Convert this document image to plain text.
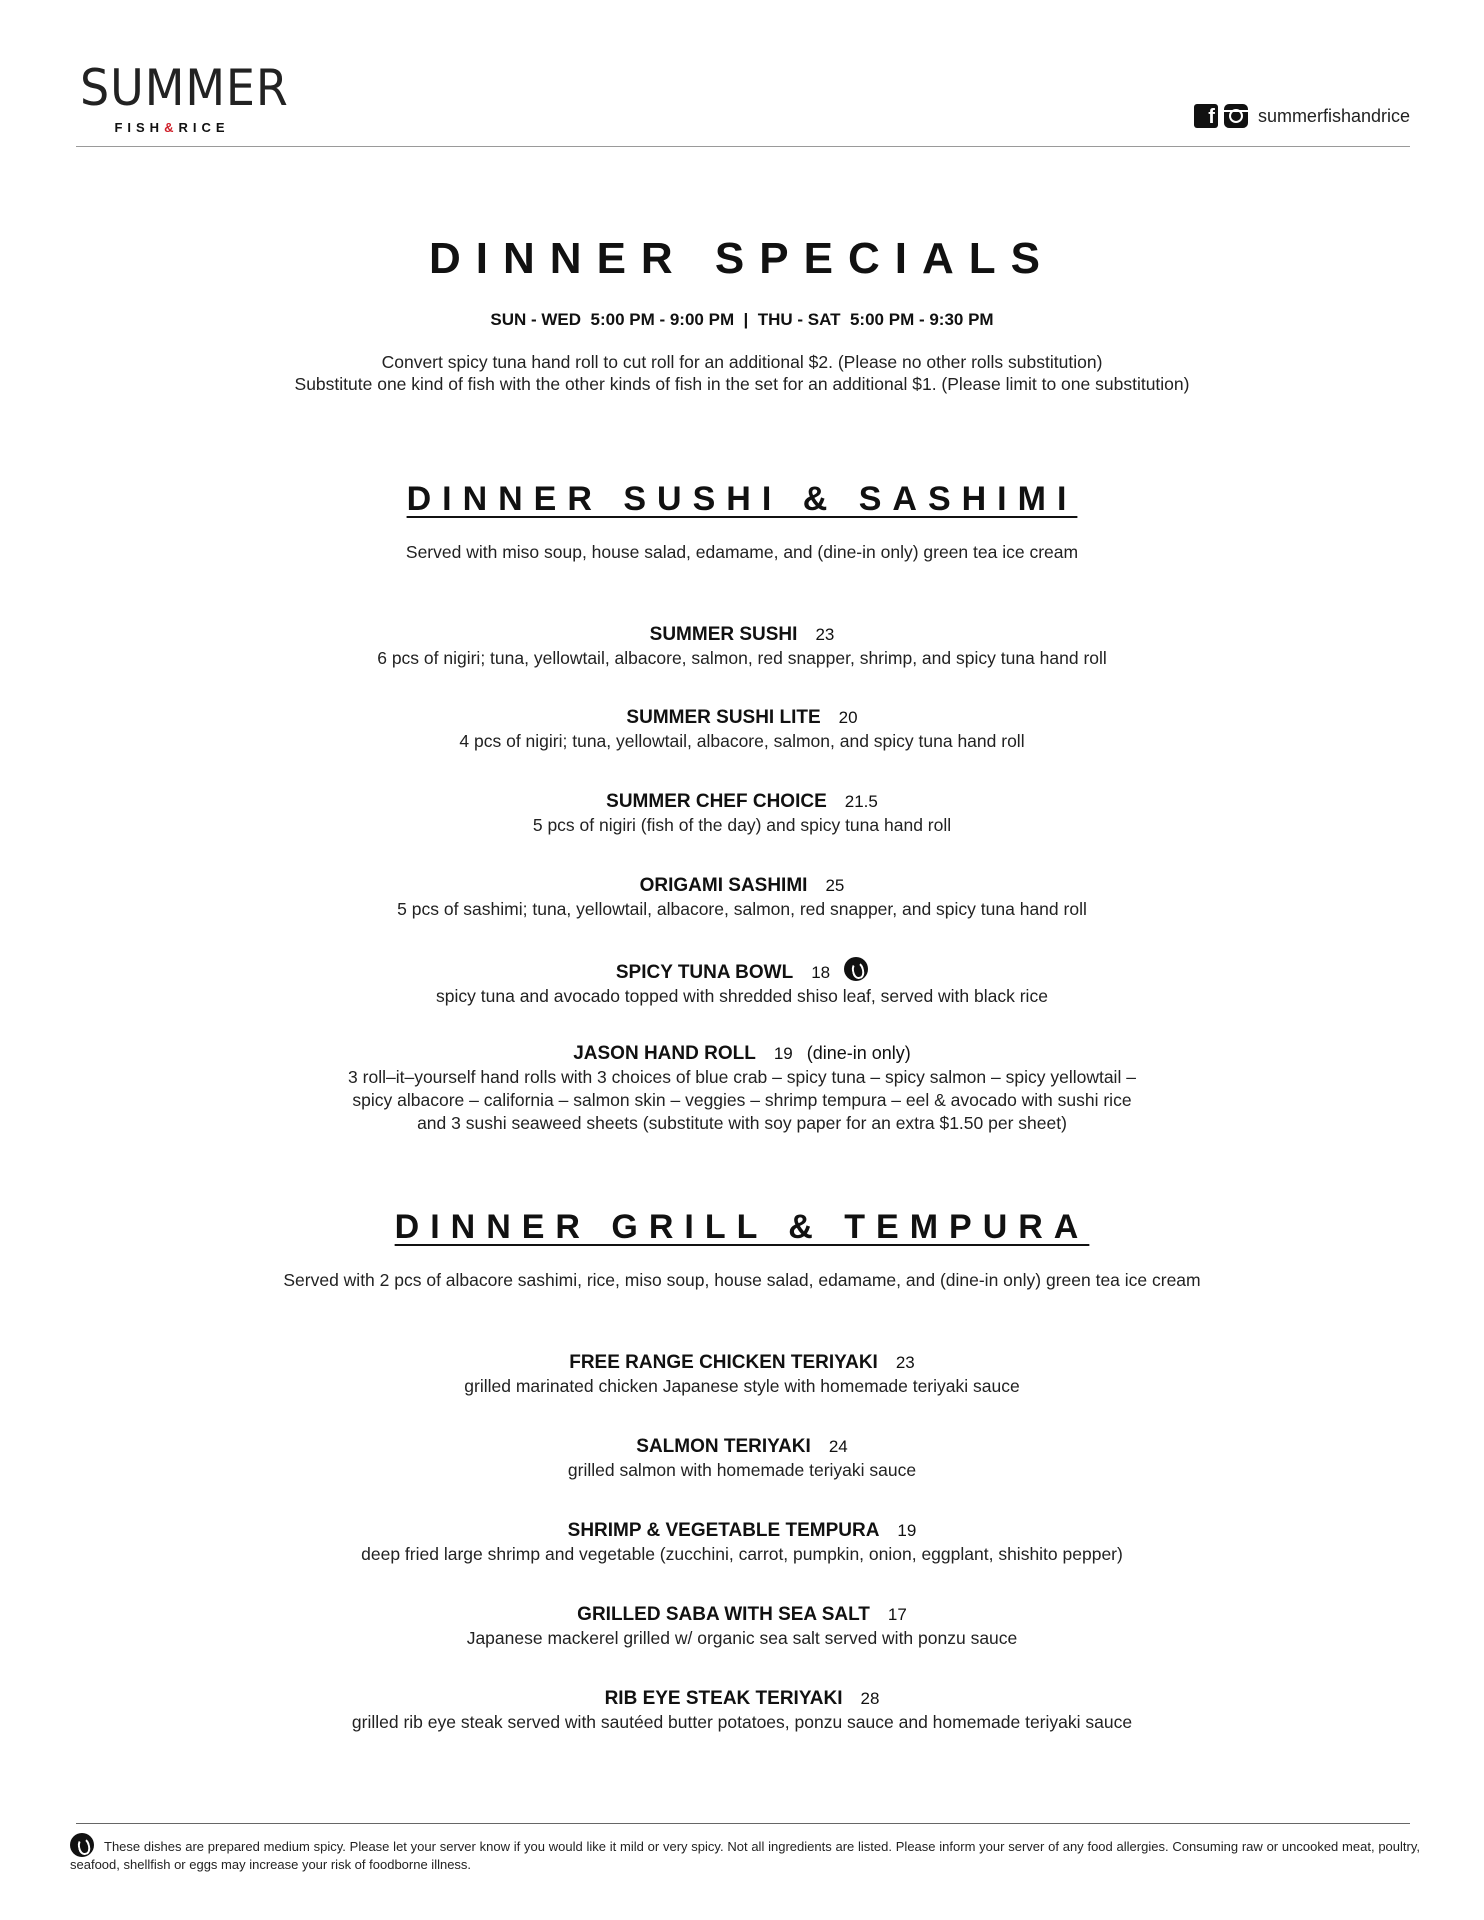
SUMMER
FISH&RICE	f summerfishandrice
DINNER SPECIALS
SUN - WED  5:00 PM - 9:00 PM  |  THU - SAT  5:00 PM - 9:30 PM
Convert spicy tuna hand roll to cut roll for an additional $2. (Please no other rolls substitution)
Substitute one kind of fish with the other kinds of fish in the set for an additional $1. (Please limit to one substitution)
DINNER SUSHI & SASHIMI
Served with miso soup, house salad, edamame, and (dine-in only) green tea ice cream
SUMMER SUSHI 23
6 pcs of nigiri; tuna, yellowtail, albacore, salmon, red snapper, shrimp, and spicy tuna hand roll
SUMMER SUSHI LITE 20
4 pcs of nigiri; tuna, yellowtail, albacore, salmon, and spicy tuna hand roll
SUMMER CHEF CHOICE 21.5
5 pcs of nigiri (fish of the day) and spicy tuna hand roll
ORIGAMI SASHIMI 25
5 pcs of sashimi; tuna, yellowtail, albacore, salmon, red snapper, and spicy tuna hand roll
SPICY TUNA BOWL 18
spicy tuna and avocado topped with shredded shiso leaf, served with black rice
JASON HAND ROLL 19 (dine-in only)
3 roll–it–yourself hand rolls with 3 choices of blue crab – spicy tuna – spicy salmon – spicy yellowtail –
spicy albacore – california – salmon skin – veggies – shrimp tempura – eel & avocado with sushi rice
and 3 sushi seaweed sheets (substitute with soy paper for an extra $1.50 per sheet)
DINNER GRILL & TEMPURA
Served with 2 pcs of albacore sashimi, rice, miso soup, house salad, edamame, and (dine-in only) green tea ice cream
FREE RANGE CHICKEN TERIYAKI 23
grilled marinated chicken Japanese style with homemade teriyaki sauce
SALMON TERIYAKI 24
grilled salmon with homemade teriyaki sauce
SHRIMP & VEGETABLE TEMPURA 19
deep fried large shrimp and vegetable (zucchini, carrot, pumpkin, onion, eggplant, shishito pepper)
GRILLED SABA WITH SEA SALT 17
Japanese mackerel grilled w/ organic sea salt served with ponzu sauce
RIB EYE STEAK TERIYAKI 28
grilled rib eye steak served with sautéed butter potatoes, ponzu sauce and homemade teriyaki sauce
These dishes are prepared medium spicy. Please let your server know if you would like it mild or very spicy. Not all ingredients are listed. Please inform your server of any food allergies. Consuming raw or uncooked meat, poultry, seafood, shellfish or eggs may increase your risk of foodborne illness.
